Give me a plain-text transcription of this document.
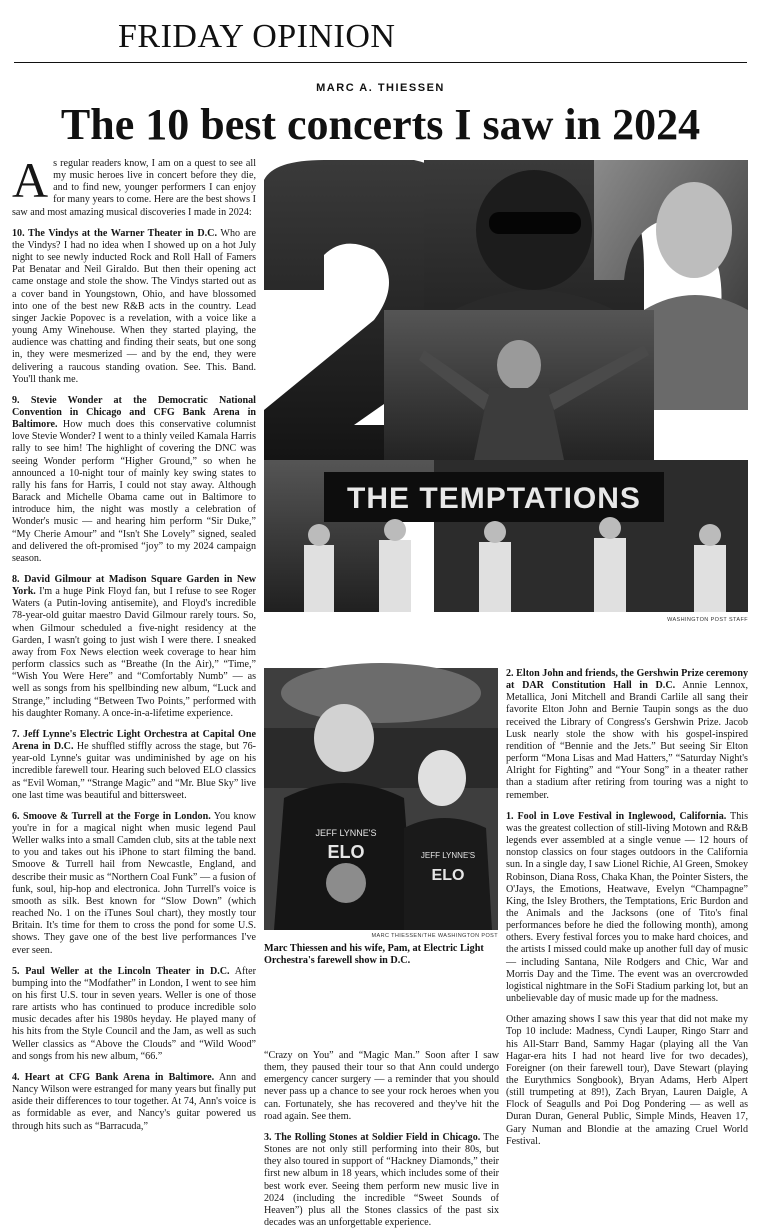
FRIDAY OPINION
MARC A. THIESSEN
The 10 best concerts I saw in 2024

As regular readers know, I am on a quest to see all my music heroes live in concert before they die, and to find new, younger performers I can enjoy for many years to come. Here are the best shows I saw and most amazing musical discoveries I made in 2024:

10. The Vindys at the Warner Theater in D.C. Who are the Vindys? I had no idea when I showed up on a hot July night to see newly inducted Rock and Roll Hall of Famers Pat Benatar and Neil Giraldo. But then their opening act came onstage and stole the show. The Vindys started out as a cover band in Youngstown, Ohio, and have blossomed into one of the best new R&B acts in the country. Lead singer Jackie Popovec is a revelation, with a voice like a young Amy Winehouse. When they started playing, the audience was chatting and finding their seats, but one song in, they were mesmerized — and by the end, they were delivering a raucous standing ovation. See. This. Band. You'll thank me.

9. Stevie Wonder at the Democratic National Convention in Chicago and CFG Bank Arena in Baltimore. How much does this conservative columnist love Stevie Wonder? I went to a thinly veiled Kamala Harris rally to see him! The highlight of covering the DNC was seeing Wonder perform “Higher Ground,” so when he announced a 10-night tour of mainly key swing states to rally his fans for Harris, I could not stay away. Although Barack and Michelle Obama came out in Baltimore to introduce him, the night was mostly a celebration of Wonder's music — and hearing him perform “Sir Duke,” “My Cherie Amour” and “Isn't She Lovely” signed, sealed and delivered the oft-promised “joy” to my 2024 campaign season.

8. David Gilmour at Madison Square Garden in New York. I'm a huge Pink Floyd fan, but I refuse to see Roger Waters (a Putin-loving antisemite), and Floyd's incredible 78-year-old guitar maestro David Gilmour rarely tours. So, when Gilmour scheduled a five-night residency at the Garden, I wasn't going to just wish I were there. I sneaked away from Fox News election week coverage to hear him perform classics such as “Breathe (In the Air),” “Time,” “Wish You Were Here” and “Comfortably Numb” — as well as songs from his spellbinding new album, “Luck and Strange,” including “Between Two Points,” performed with his daughter Romany. A once-in-a-lifetime experience.

7. Jeff Lynne's Electric Light Orchestra at Capital One Arena in D.C. He shuffled stiffly across the stage, but 76-year-old Lynne's guitar was undiminished by age on his incredible farewell tour. Hearing such beloved ELO classics as “Evil Woman,” “Strange Magic” and “Mr. Blue Sky” live one last time was beautiful and bittersweet.

6. Smoove & Turrell at the Forge in London. You know you're in for a magical night when music legend Paul Weller walks into a small Camden club, sits at the table next to you and takes out his iPhone to start filming the band. Smoove & Turrell hail from Newcastle, England, and describe their music as “Northern Coal Funk” — a fusion of funk, soul, hip-hop and electronica. John Turrell's voice is smooth as silk. Best known for “Slow Down” (which reached No. 1 on the iTunes Soul chart), they mostly tour Britain. It's time for them to cross the pond for some U.S. shows. They gave one of the best live performances I've ever seen.

5. Paul Weller at the Lincoln Theater in D.C. After bumping into the “Modfather” in London, I went to see him on his first U.S. tour in seven years. Weller is one of those rare artists who has continued to produce incredible solo music decades after his 1980s heyday. He played many of his hits from the Style Council and the Jam, as well as such Weller classics as “Above the Clouds” and “Wild Wood” and songs from his new album, “66.”

4. Heart at CFG Bank Arena in Baltimore. Ann and Nancy Wilson were estranged for many years but finally put aside their differences to tour together. At 74, Ann's voice is as formidable as ever, and Nancy's guitar powered us through hits such as “Barracuda,”

THE TEMPTATIONS
WASHINGTON POST STAFF
JEFF LYNNE'S
ELO	JEFF LYNNE'S
ELO
MARC THIESSEN/THE WASHINGTON POST
Marc Thiessen and his wife, Pam, at Electric Light Orchestra's farewell show in D.C.

“Crazy on You” and “Magic Man.” Soon after I saw them, they paused their tour so that Ann could undergo emergency cancer surgery — a reminder that you should never pass up a chance to see your rock heroes when you can. Fortunately, she has recovered and they've hit the road again. See them.

3. The Rolling Stones at Soldier Field in Chicago. The Stones are not only still performing into their 80s, but they also toured in support of “Hackney Diamonds,” their first new album in 18 years, which includes some of their best work ever. Seeing them perform new music live in 2024 (including the incredible “Sweet Sounds of Heaven”) plus all the Stones classics of the past six decades was an unforgettable experience.

2. Elton John and friends, the Gershwin Prize ceremony at DAR Constitution Hall in D.C. Annie Lennox, Metallica, Joni Mitchell and Brandi Carlile all sang their favorite Elton John and Bernie Taupin songs as the duo received the Library of Congress's Gershwin Prize. Jacob Lusk nearly stole the show with his gospel-inspired rendition of “Bennie and the Jets.” But seeing Sir Elton perform “Mona Lisas and Mad Hatters,” “Saturday Night's Alright for Fighting” and “Your Song” in a theater rather than a stadium after retiring from touring was a night to remember.

1. Fool in Love Festival in Inglewood, California. This was the greatest collection of still-living Motown and R&B legends ever assembled at a single venue — 12 hours of nonstop classics on four stages outdoors in the California sun. In a single day, I saw Lionel Richie, Al Green, Smokey Robinson, Diana Ross, Chaka Khan, the Pointer Sisters, the O'Jays, the Emotions, Heatwave, Evelyn “Champagne” King, the Isley Brothers, the Temptations, Eric Burdon and the Animals and the Jacksons (one of Tito's final performances before he died the following month), among others. Every festival forces you to make hard choices, and the artists I missed could make up another full day of music — including Santana, Nile Rodgers and Chic, War and Morris Day and the Time. The event was an overcrowded logistical nightmare in the SoFi Stadium parking lot, but an unbelievable day of music made up for the madness.

Other amazing shows I saw this year that did not make my Top 10 include: Madness, Cyndi Lauper, Ringo Starr and his All-Starr Band, Sammy Hagar (playing all the Van Hagar-era hits I had not heard live for two decades), Foreigner (on their farewell tour), Dave Stewart (playing the Eurythmics Songbook), Bryan Adams, Herb Alpert (still trumpeting at 89!), Zach Bryan, Lauren Daigle, A Flock of Seagulls and Poi Dog Pondering — as well as Duran Duran, General Public, Simple Minds, Heaven 17, Gary Numan and Blondie at the amazing Cruel World Festival.
